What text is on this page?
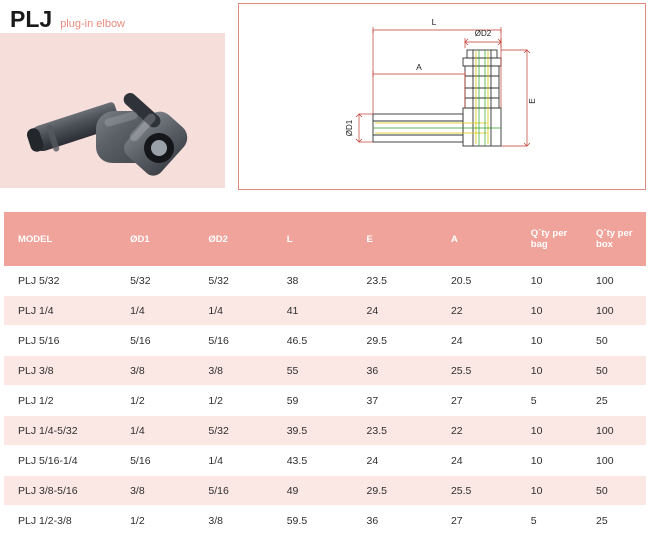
PLJ plug-in elbow	L
ØD2
A
E
ØD1
MODEL	ØD1	ØD2	L	E	A	Q´ty per bag	Q´ty per box
PLJ 5/32	5/32	5/32	38	23.5	20.5	10	100
PLJ 1/4	1/4	1/4	41	24	22	10	100
PLJ 5/16	5/16	5/16	46.5	29.5	24	10	50
PLJ 3/8	3/8	3/8	55	36	25.5	10	50
PLJ 1/2	1/2	1/2	59	37	27	5	25
PLJ 1/4-5/32	1/4	5/32	39.5	23.5	22	10	100
PLJ 5/16-1/4	5/16	1/4	43.5	24	24	10	100
PLJ 3/8-5/16	3/8	5/16	49	29.5	25.5	10	50
PLJ 1/2-3/8	1/2	3/8	59.5	36	27	5	25
